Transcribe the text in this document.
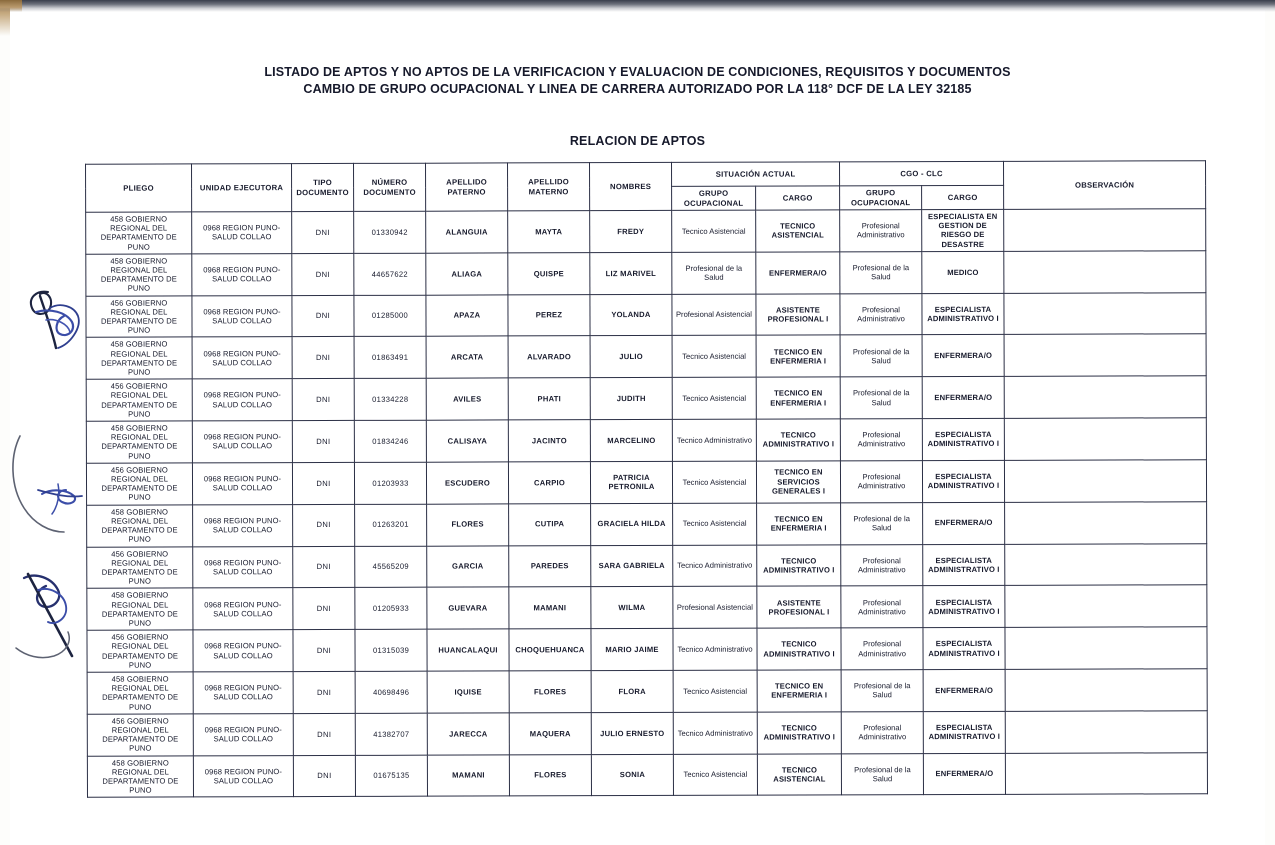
LISTADO DE APTOS Y NO APTOS DE LA VERIFICACION Y EVALUACION DE CONDICIONES, REQUISITOS Y DOCUMENTOS
CAMBIO DE GRUPO OCUPACIONAL Y LINEA DE CARRERA AUTORIZADO POR LA 118° DCF DE LA LEY 32185
RELACION DE APTOS
PLIEGO	UNIDAD EJECUTORA	TIPO DOCUMENTO	NÚMERO DOCUMENTO	APELLIDO PATERNO	APELLIDO MATERNO	NOMBRES	SITUACIÓN ACTUAL		CGO - CLC		OBSERVACIÓN
							GRUPO OCUPACIONAL	CARGO	GRUPO OCUPACIONAL	CARGO	
458 GOBIERNO REGIONAL DEL DEPARTAMENTO DE PUNO	0968 REGION PUNO-SALUD COLLAO	DNI	01330942	ALANGUIA	MAYTA	FREDY	Tecnico Asistencial	TECNICO ASISTENCIAL	Profesional Administrativo	ESPECIALISTA EN GESTION DE RIESGO DE DESASTRE	
458 GOBIERNO REGIONAL DEL DEPARTAMENTO DE PUNO	0968 REGION PUNO-SALUD COLLAO	DNI	44657622	ALIAGA	QUISPE	LIZ MARIVEL	Profesional de la Salud	ENFERMERA/O	Profesional de la Salud	MEDICO	
456 GOBIERNO REGIONAL DEL DEPARTAMENTO DE PUNO	0968 REGION PUNO-SALUD COLLAO	DNI	01285000	APAZA	PEREZ	YOLANDA	Profesional Asistencial	ASISTENTE PROFESIONAL I	Profesional Administrativo	ESPECIALISTA ADMINISTRATIVO I	
458 GOBIERNO REGIONAL DEL DEPARTAMENTO DE PUNO	0968 REGION PUNO-SALUD COLLAO	DNI	01863491	ARCATA	ALVARADO	JULIO	Tecnico Asistencial	TECNICO EN ENFERMERIA I	Profesional de la Salud	ENFERMERA/O	
456 GOBIERNO REGIONAL DEL DEPARTAMENTO DE PUNO	0968 REGION PUNO-SALUD COLLAO	DNI	01334228	AVILES	PHATI	JUDITH	Tecnico Asistencial	TECNICO EN ENFERMERIA I	Profesional de la Salud	ENFERMERA/O	
458 GOBIERNO REGIONAL DEL DEPARTAMENTO DE PUNO	0968 REGION PUNO-SALUD COLLAO	DNI	01834246	CALISAYA	JACINTO	MARCELINO	Tecnico Administrativo	TECNICO ADMINISTRATIVO I	Profesional Administrativo	ESPECIALISTA ADMINISTRATIVO I	
456 GOBIERNO REGIONAL DEL DEPARTAMENTO DE PUNO	0968 REGION PUNO-SALUD COLLAO	DNI	01203933	ESCUDERO	CARPIO	PATRICIA PETRONILA	Tecnico Asistencial	TECNICO EN SERVICIOS GENERALES I	Profesional Administrativo	ESPECIALISTA ADMINISTRATIVO I	
458 GOBIERNO REGIONAL DEL DEPARTAMENTO DE PUNO	0968 REGION PUNO-SALUD COLLAO	DNI	01263201	FLORES	CUTIPA	GRACIELA HILDA	Tecnico Asistencial	TECNICO EN ENFERMERIA I	Profesional de la Salud	ENFERMERA/O	
456 GOBIERNO REGIONAL DEL DEPARTAMENTO DE PUNO	0968 REGION PUNO-SALUD COLLAO	DNI	45565209	GARCIA	PAREDES	SARA GABRIELA	Tecnico Administrativo	TECNICO ADMINISTRATIVO I	Profesional Administrativo	ESPECIALISTA ADMINISTRATIVO I	
458 GOBIERNO REGIONAL DEL DEPARTAMENTO DE PUNO	0968 REGION PUNO-SALUD COLLAO	DNI	01205933	GUEVARA	MAMANI	WILMA	Profesional Asistencial	ASISTENTE PROFESIONAL I	Profesional Administrativo	ESPECIALISTA ADMINISTRATIVO I	
456 GOBIERNO REGIONAL DEL DEPARTAMENTO DE PUNO	0968 REGION PUNO-SALUD COLLAO	DNI	01315039	HUANCALAQUI	CHOQUEHUANCA	MARIO JAIME	Tecnico Administrativo	TECNICO ADMINISTRATIVO I	Profesional Administrativo	ESPECIALISTA ADMINISTRATIVO I	
458 GOBIERNO REGIONAL DEL DEPARTAMENTO DE PUNO	0968 REGION PUNO-SALUD COLLAO	DNI	40698496	IQUISE	FLORES	FLORA	Tecnico Asistencial	TECNICO EN ENFERMERIA I	Profesional de la Salud	ENFERMERA/O	
456 GOBIERNO REGIONAL DEL DEPARTAMENTO DE PUNO	0968 REGION PUNO-SALUD COLLAO	DNI	41382707	JARECCA	MAQUERA	JULIO ERNESTO	Tecnico Administrativo	TECNICO ADMINISTRATIVO I	Profesional Administrativo	ESPECIALISTA ADMINISTRATIVO I	
458 GOBIERNO REGIONAL DEL DEPARTAMENTO DE PUNO	0968 REGION PUNO-SALUD COLLAO	DNI	01675135	MAMANI	FLORES	SONIA	Tecnico Asistencial	TECNICO ASISTENCIAL	Profesional de la Salud	ENFERMERA/O	
